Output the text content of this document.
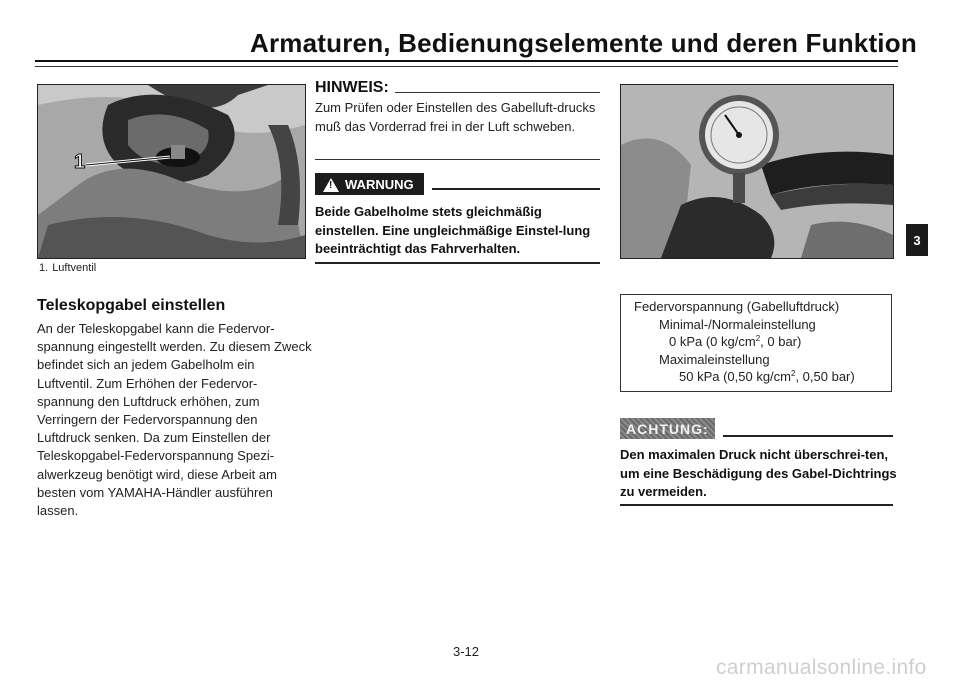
Armaturen, Bedienungselemente und deren Funktion
1
1. Luftventil
Teleskopgabel einstellen
An der Teleskopgabel kann die Federvor-spannung eingestellt werden. Zu diesem Zweck befindet sich an jedem Gabelholm ein Luftventil. Zum Erhöhen der Federvor-spannung den Luftdruck erhöhen, zum Verringern der Federvorspannung den Luftdruck senken. Da zum Einstellen der Teleskopgabel-Federvorspannung Spezi-alwerkzeug benötigt wird, diese Arbeit am besten vom YAMAHA-Händler ausführen lassen.
HINWEIS:
Zum Prüfen oder Einstellen des Gabelluft-drucks muß das Vorderrad frei in der Luft schweben.
!
WARNUNG
Beide Gabelholme stets gleichmäßig einstellen. Eine ungleichmäßige Einstel-lung beeinträchtigt das Fahrverhalten.
Federvorspannung (Gabelluftdruck)
Minimal-/Normaleinstellung
0 kPa (0 $kg/cm^2$, 0 bar)
Maximaleinstellung
50 kPa (0,50 $kg/cm^2$, 0,50 bar)
ACHTUNG:
Den maximalen Druck nicht überschrei-ten, um eine Beschädigung des Gabel-Dichtrings zu vermeiden.
3
3-12
carmanualsonline.info
